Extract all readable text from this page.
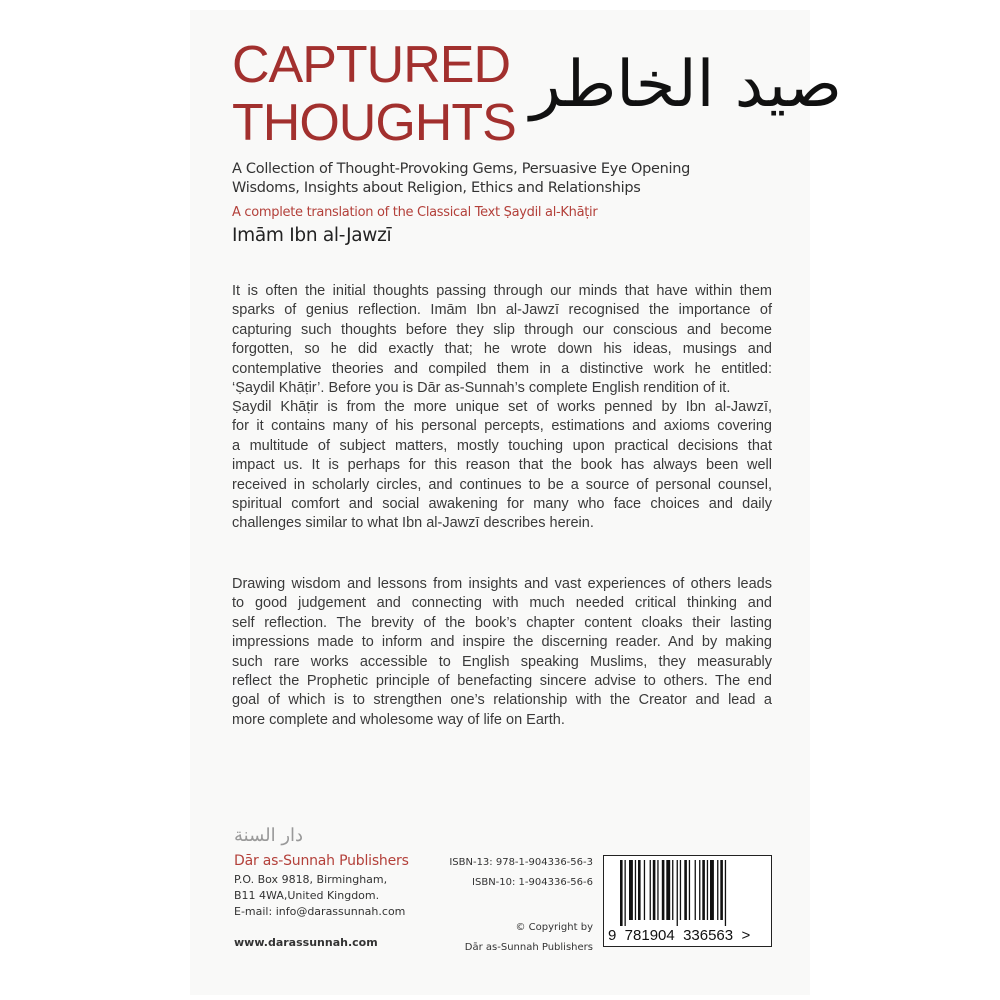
CAPTURED
THOUGHTS
صيد الخاطر
A Collection of Thought-Provoking Gems, Persuasive Eye Opening
Wisdoms, Insights about Religion, Ethics and Relationships
A complete translation of the Classical Text Ṣaydil al-Khāṭir
Imām Ibn al-Jawzī
It is often the initial thoughts passing through our minds that have within them
sparks of genius reflection. Imām Ibn al-Jawzī recognised the importance of
capturing such thoughts before they slip through our conscious and become
forgotten, so he did exactly that; he wrote down his ideas, musings and
contemplative theories and compiled them in a distinctive work he entitled:
‘Ṣaydil Khāṭir’. Before you is Dār as-Sunnah’s complete English rendition of it.
Ṣaydil Khāṭir is from the more unique set of works penned by Ibn al-Jawzī,
for it contains many of his personal percepts, estimations and axioms covering
a multitude of subject matters, mostly touching upon practical decisions that
impact us. It is perhaps for this reason that the book has always been well
received in scholarly circles, and continues to be a source of personal counsel,
spiritual comfort and social awakening for many who face choices and daily
challenges similar to what Ibn al-Jawzī describes herein.
Drawing wisdom and lessons from insights and vast experiences of others leads
to good judgement and connecting with much needed critical thinking and
self reflection. The brevity of the book’s chapter content cloaks their lasting
impressions made to inform and inspire the discerning reader. And by making
such rare works accessible to English speaking Muslims, they measurably
reflect the Prophetic principle of benefacting sincere advise to others. The end
goal of which is to strengthen one’s relationship with the Creator and lead a
more complete and wholesome way of life on Earth.
دار السنة
Dār as-Sunnah Publishers
P.O. Box 9818, Birmingham,
B11 4WA,United Kingdom.
E-mail: info@darassunnah.com
www.darassunnah.com
ISBN-13: 978-1-904336-56-3
ISBN-10: 1-904336-56-6
© Copyright by
Dār as-Sunnah Publishers
9  781904  336563  >
